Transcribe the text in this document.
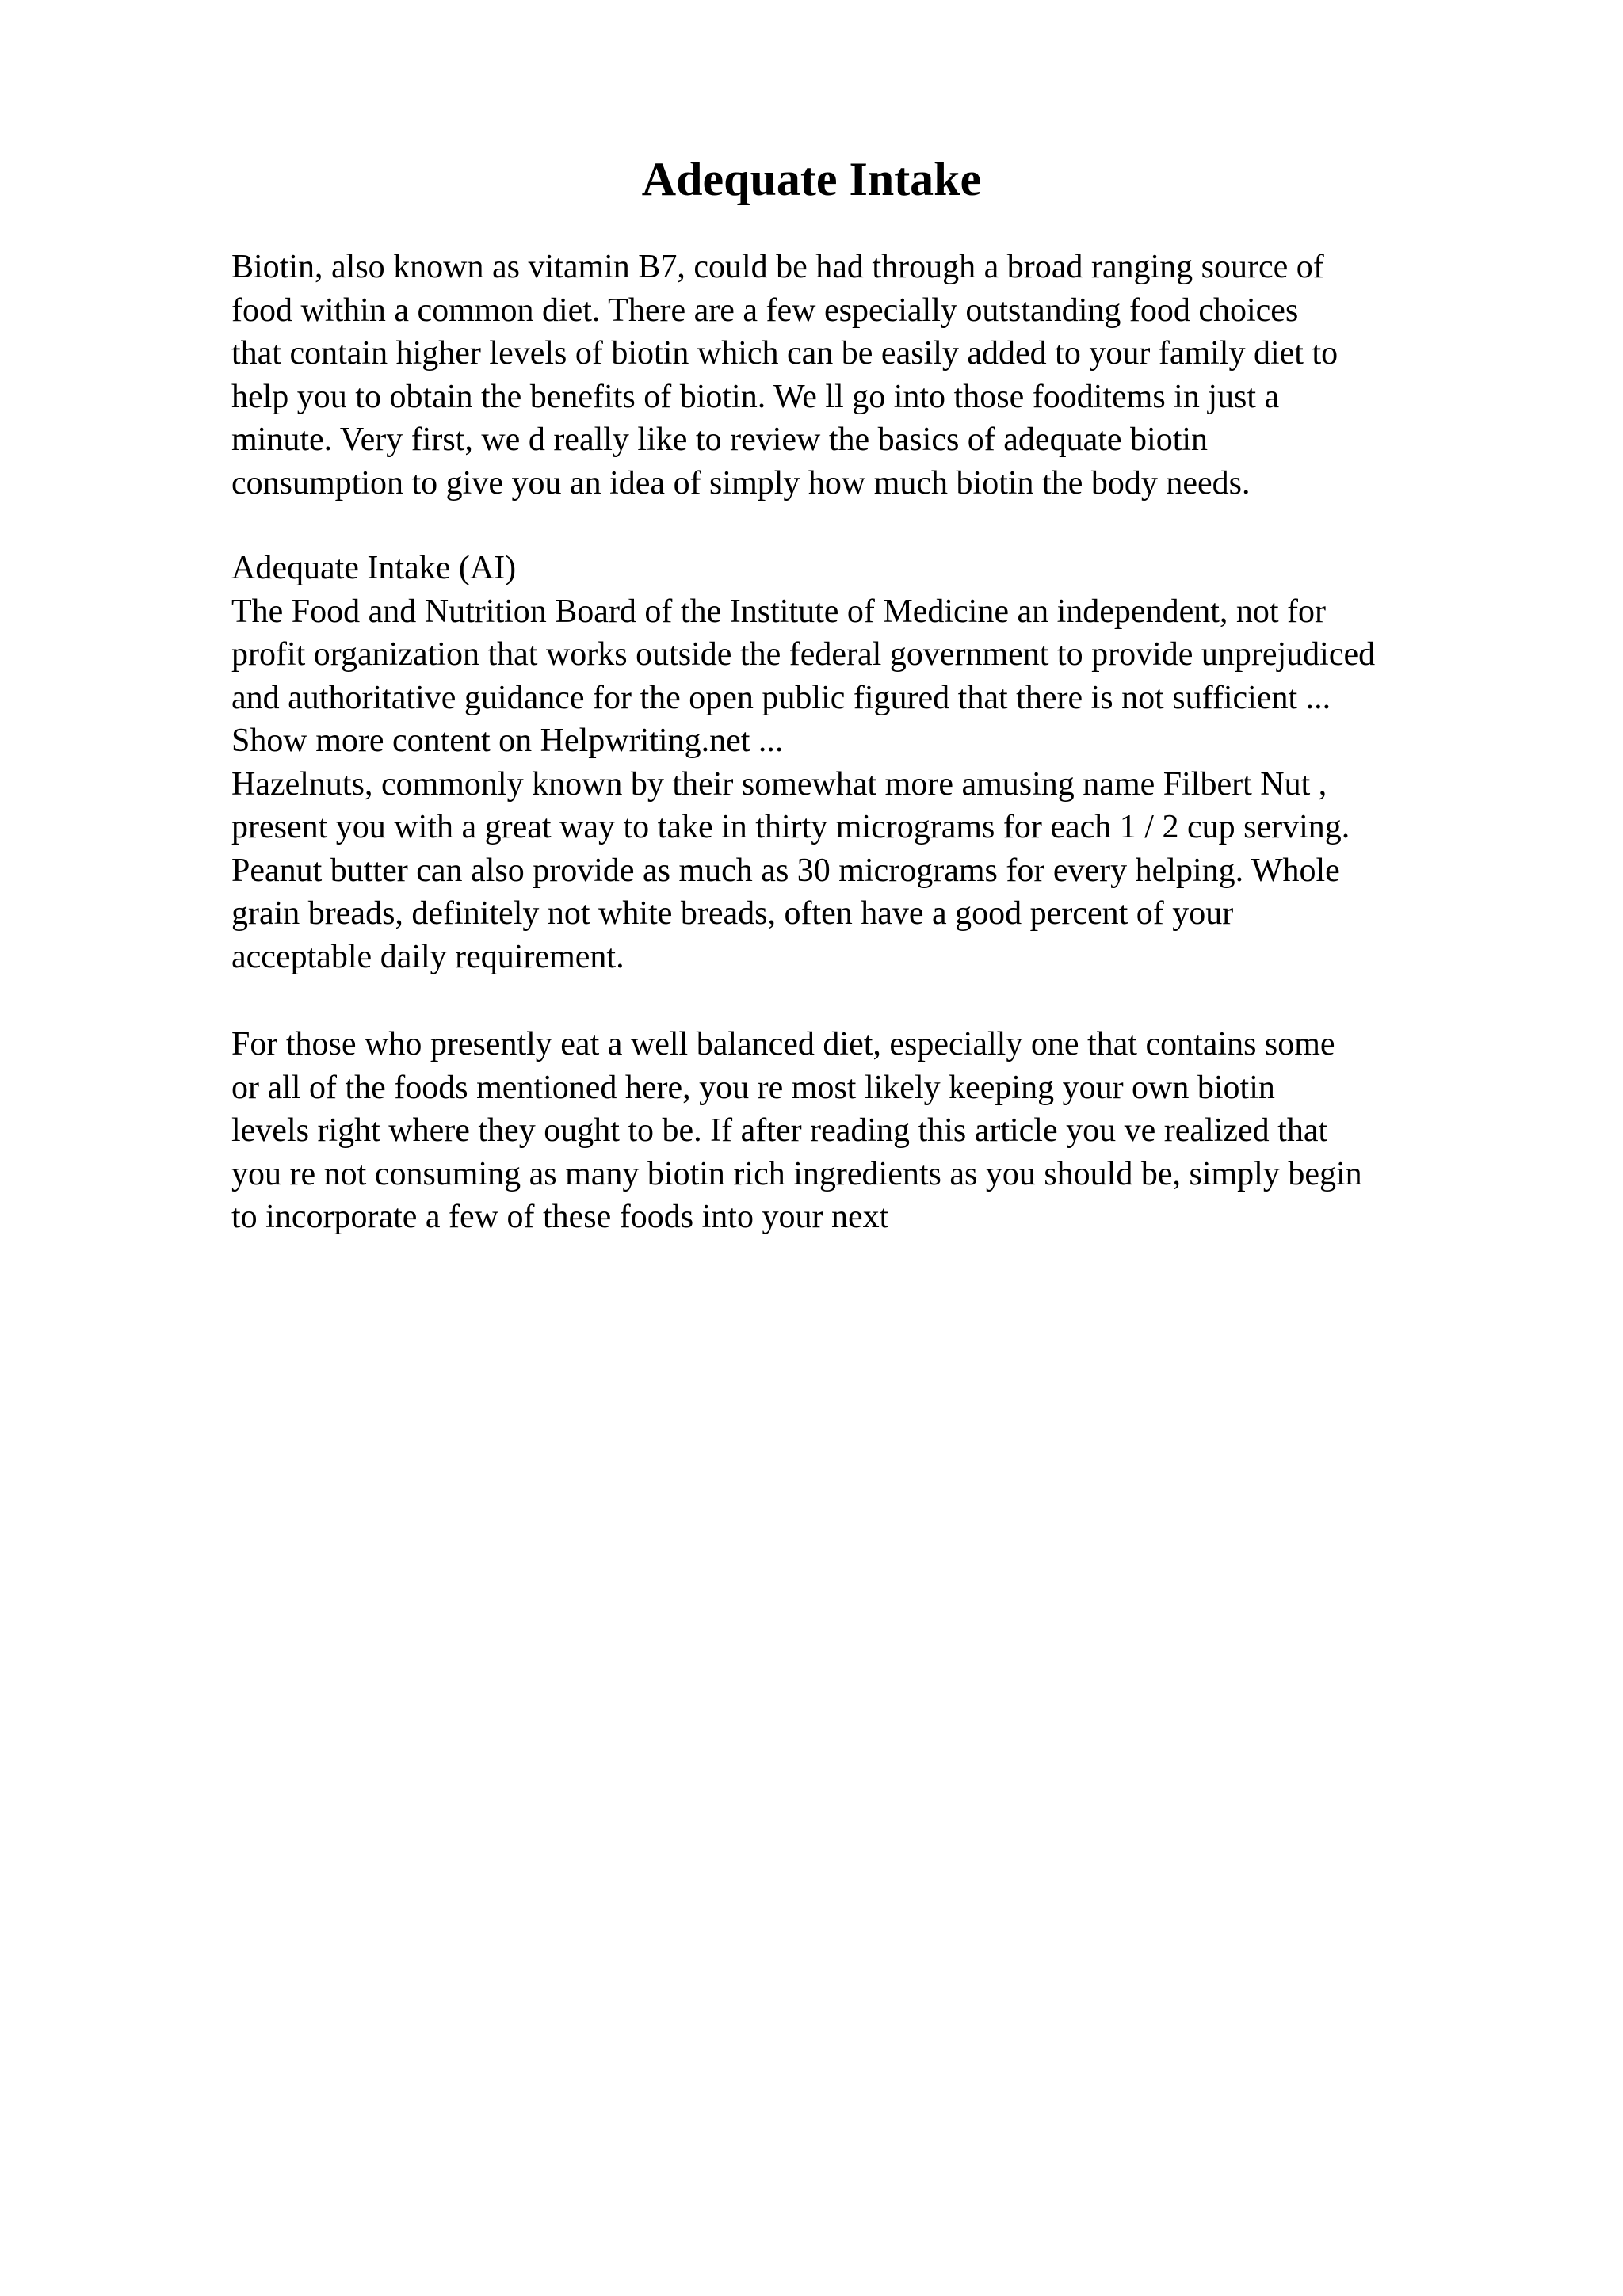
Adequate Intake
Biotin, also known as vitamin B7, could be had through a broad ranging source of
food within a common diet. There are a few especially outstanding food choices
that contain higher levels of biotin which can be easily added to your family diet to
help you to obtain the benefits of biotin. We ll go into those fooditems in just a
minute. Very first, we d really like to review the basics of adequate biotin
consumption to give you an idea of simply how much biotin the body needs.
Adequate Intake (AI)
The Food and Nutrition Board of the Institute of Medicine an independent, not for
profit organization that works outside the federal government to provide unprejudiced
and authoritative guidance for the open public figured that there is not sufficient ...
Show more content on Helpwriting.net ...
Hazelnuts, commonly known by their somewhat more amusing name Filbert Nut ,
present you with a great way to take in thirty micrograms for each 1 / 2 cup serving.
Peanut butter can also provide as much as 30 micrograms for every helping. Whole
grain breads, definitely not white breads, often have a good percent of your
acceptable daily requirement.
For those who presently eat a well balanced diet, especially one that contains some
or all of the foods mentioned here, you re most likely keeping your own biotin
levels right where they ought to be. If after reading this article you ve realized that
you re not consuming as many biotin rich ingredients as you should be, simply begin
to incorporate a few of these foods into your next
